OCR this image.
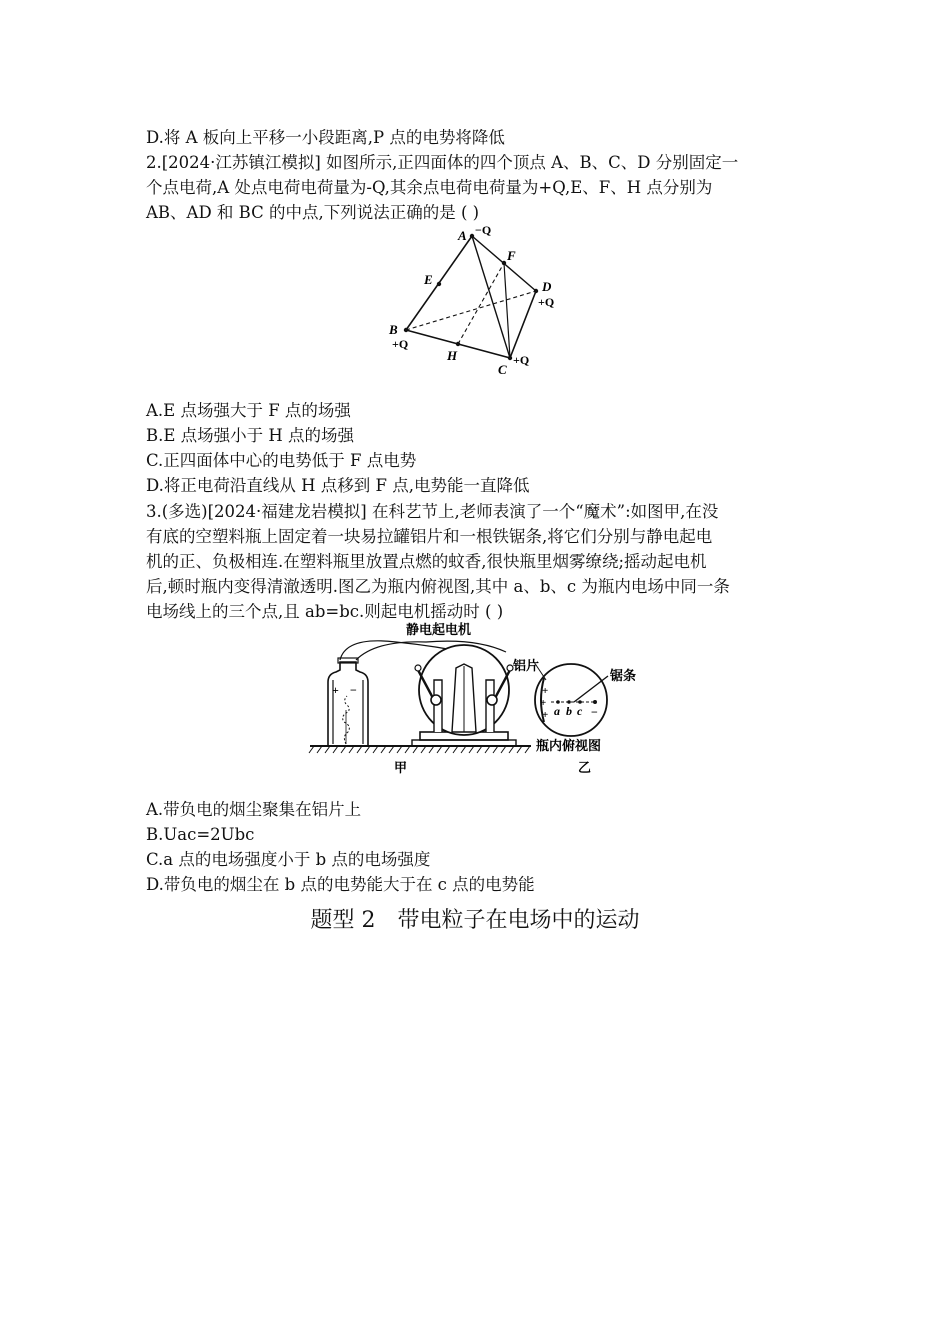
D.将 A 板向上平移一小段距离,P 点的电势将降低
2.[2024·江苏镇江模拟] 如图所示,正四面体的四个顶点 A、B、C、D 分别固定一
个点电荷,A 处点电荷电荷量为-Q,其余点电荷电荷量为+Q,E、F、H 点分别为
AB、AD 和 BC 的中点,下列说法正确的是 ( )
A −Q
E
F
D
+Q
B
+Q
H
C
+Q
A.E 点场强大于 F 点的场强
B.E 点场强小于 H 点的场强
C.正四面体中心的电势低于 F 点电势
D.将正电荷沿直线从 H 点移到 F 点,电势能一直降低
3.(多选)[2024·福建龙岩模拟] 在科艺节上,老师表演了一个“魔术”:如图甲,在没
有底的空塑料瓶上固定着一块易拉罐铝片和一根铁锯条,将它们分别与静电起电
机的正、负极相连.在塑料瓶里放置点燃的蚊香,很快瓶里烟雾缭绕;摇动起电机
后,顿时瓶内变得清澈透明.图乙为瓶内俯视图,其中 a、b、c 为瓶内电场中同一条
电场线上的三个点,且 ab=bc.则起电机摇动时 ( )
+ −
静电起电机
甲
+
+
+	−
a b c
铝片
锯条
瓶内俯视图
乙
A.带负电的烟尘聚集在铝片上
B.Uac=2Ubc
C.a 点的电场强度小于 b 点的电场强度
D.带负电的烟尘在 b 点的电势能大于在 c 点的电势能
题型 2　带电粒子在电场中的运动
